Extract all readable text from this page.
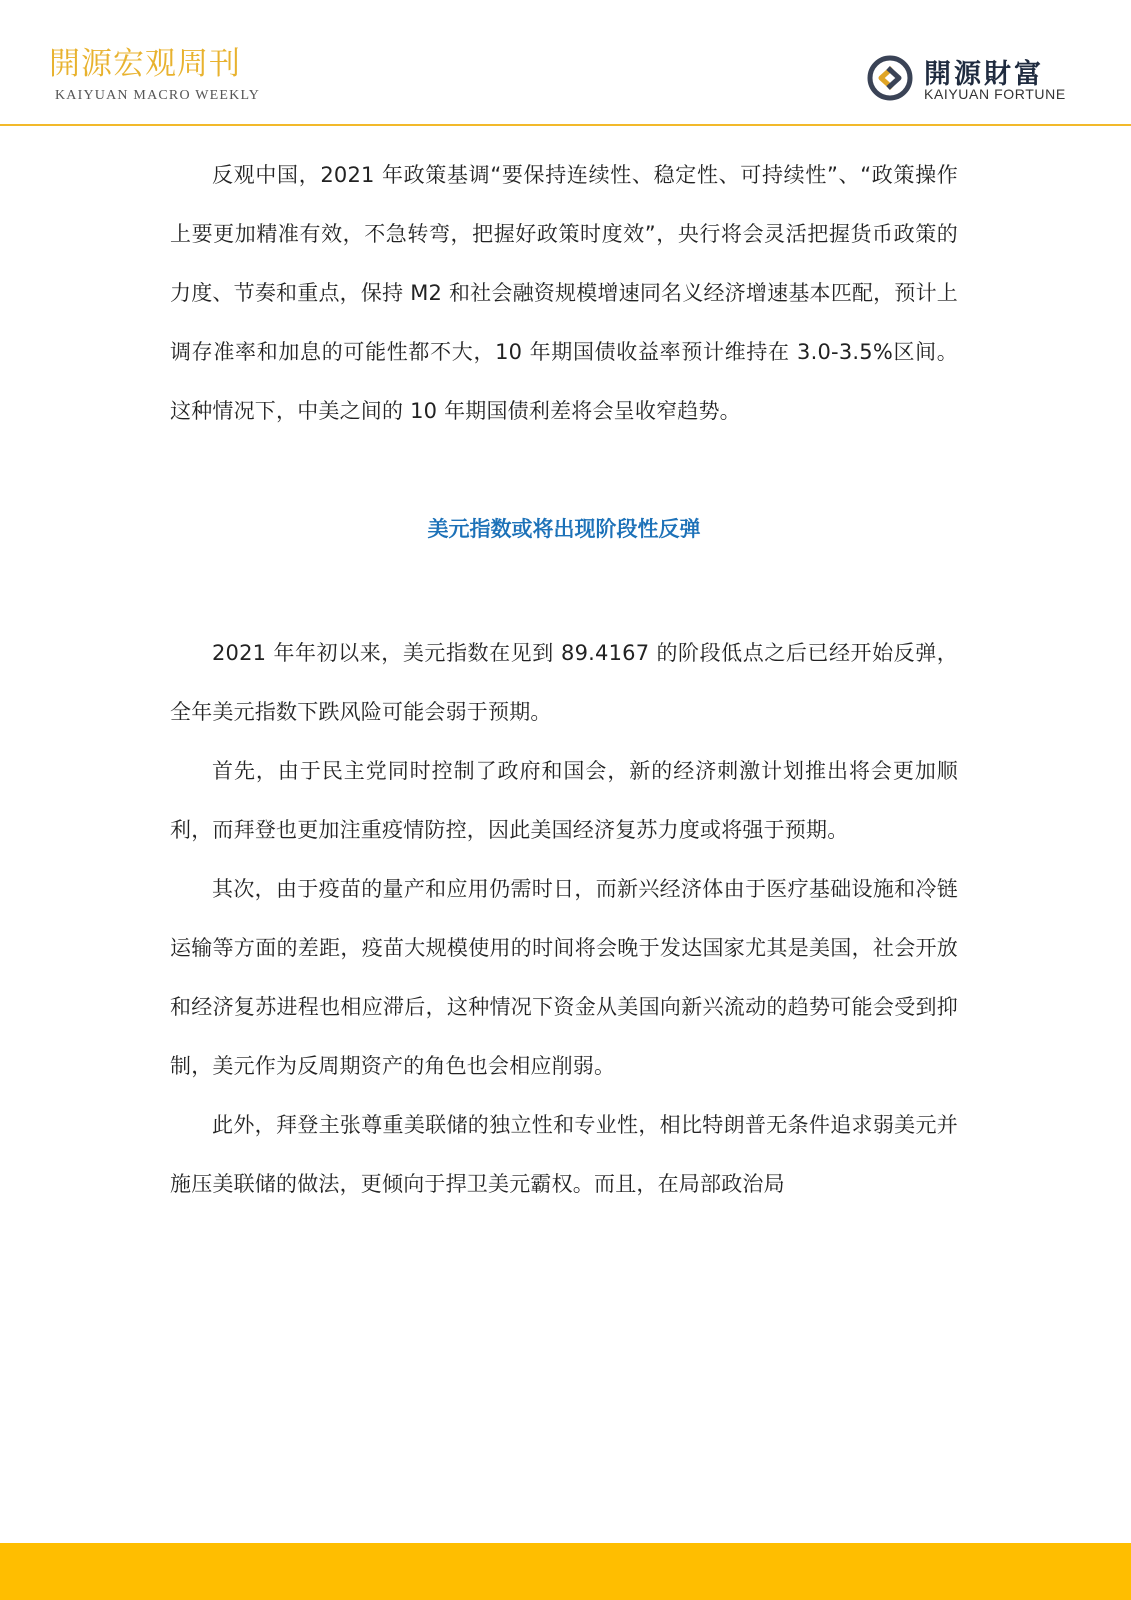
開源宏观周刊
KAIYUAN MACRO WEEKLY
開源財富
KAIYUAN FORTUNE

反观中国，2021 年政策基调“要保持连续性、稳定性、可持续性”、“政策操作上要更加精准有效，不急转弯，把握好政策时度效”，央行将会灵活把握货币政策的力度、节奏和重点，保持 M2 和社会融资规模增速同名义经济增速基本匹配，预计上调存准率和加息的可能性都不大，10 年期国债收益率预计维持在 3.0-3.5%区间。这种情况下，中美之间的 10 年期国债利差将会呈收窄趋势。

美元指数或将出现阶段性反弹

2021 年年初以来，美元指数在见到 89.4167 的阶段低点之后已经开始反弹，全年美元指数下跌风险可能会弱于预期。

首先，由于民主党同时控制了政府和国会，新的经济刺激计划推出将会更加顺利，而拜登也更加注重疫情防控，因此美国经济复苏力度或将强于预期。

其次，由于疫苗的量产和应用仍需时日，而新兴经济体由于医疗基础设施和冷链运输等方面的差距，疫苗大规模使用的时间将会晚于发达国家尤其是美国，社会开放和经济复苏进程也相应滞后，这种情况下资金从美国向新兴流动的趋势可能会受到抑制，美元作为反周期资产的角色也会相应削弱。

此外，拜登主张尊重美联储的独立性和专业性，相比特朗普无条件追求弱美元并施压美联储的做法，更倾向于捍卫美元霸权。而且，在局部政治局
